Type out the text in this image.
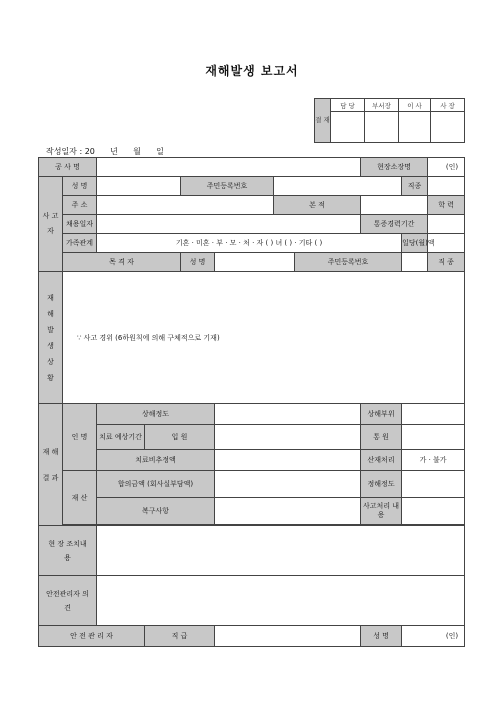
재해발생 보고서
결 재	담 당	부서장	이 사	사 장

작성일자 : 20      년      월      일
공 사 명								현장소장명		(인)	
사 고 자	성 명			주민등록번호					직종		
	주 소					본 적				학 력		
	채용일자							통증경력기간			
	가족관계	기혼 · 미혼 · 부 · 모 · 처 · 자 ( ) 녀 ( ) · 기타 ( )							일당(월)액		
	목 격 자			성 명			주민등록번호			직 종		
재해발생상황	∵ 사고 경위 (6하원칙에 의해 구체적으로 기재)										
재 해 결 과	인 명	상해정도						상해부위			
		치료 예상기간	입 원					통 원			
		치료비추정액						산재처리	가 · 불가		
	재 산	합의금액 (회사실부담액)						정해정도			
		복구사항						사고처리 내 용			

현 장 조치내용											
안전관리자 의 견											
안 전 관 리 자			직 급					성 명	(인)		
